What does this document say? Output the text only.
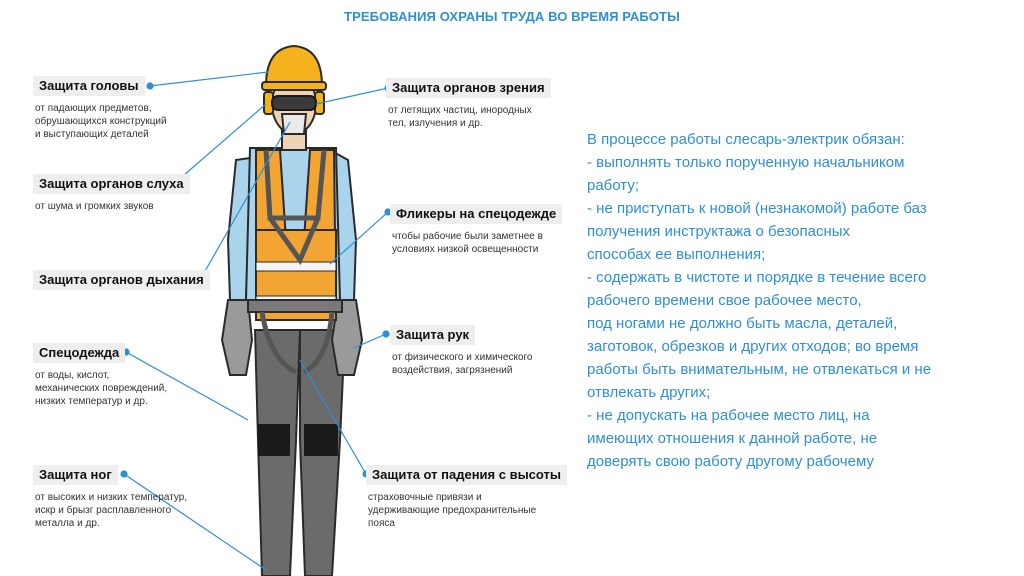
ТРЕБОВАНИЯ ОХРАНЫ ТРУДА ВО ВРЕМЯ РАБОТЫ
Защита головы
от падающих предметов,
обрушающихся конструкций
и выступающих деталей
Защита органов слуха
от шума и громких звуков
Защита органов дыхания
Спецодежда
от воды, кислот,
механических повреждений,
низких температур и др.
Защита ног
от высоких и низких температур,
искр и брызг расплавленного
металла и др.
Защита органов зрения
от летящих частиц, инородных
тел, излучения и др.
Фликеры на спецодежде
чтобы рабочие были заметнее в
условиях низкой освещенности
Защита рук
от физического и химического
воздействия, загрязнений
Защита от падения с высоты
страховочные привязи и
удерживающие предохранительные
пояса
В процессе работы слесарь-электрик обязан:
- выполнять только порученную начальником
работу;
- не приступать к новой (незнакомой) работе баз
получения инструктажа о безопасных
способах ее выполнения;
- содержать в чистоте и порядке в течение всего
рабочего времени свое рабочее место,
под ногами не должно быть масла, деталей,
заготовок, обрезков и других отходов; во время
работы быть внимательным, не отвлекаться и не
отвлекать других;
- не допускать на рабочее место лиц, на
имеющих отношения к данной работе, не
доверять свою работу другому рабочему
